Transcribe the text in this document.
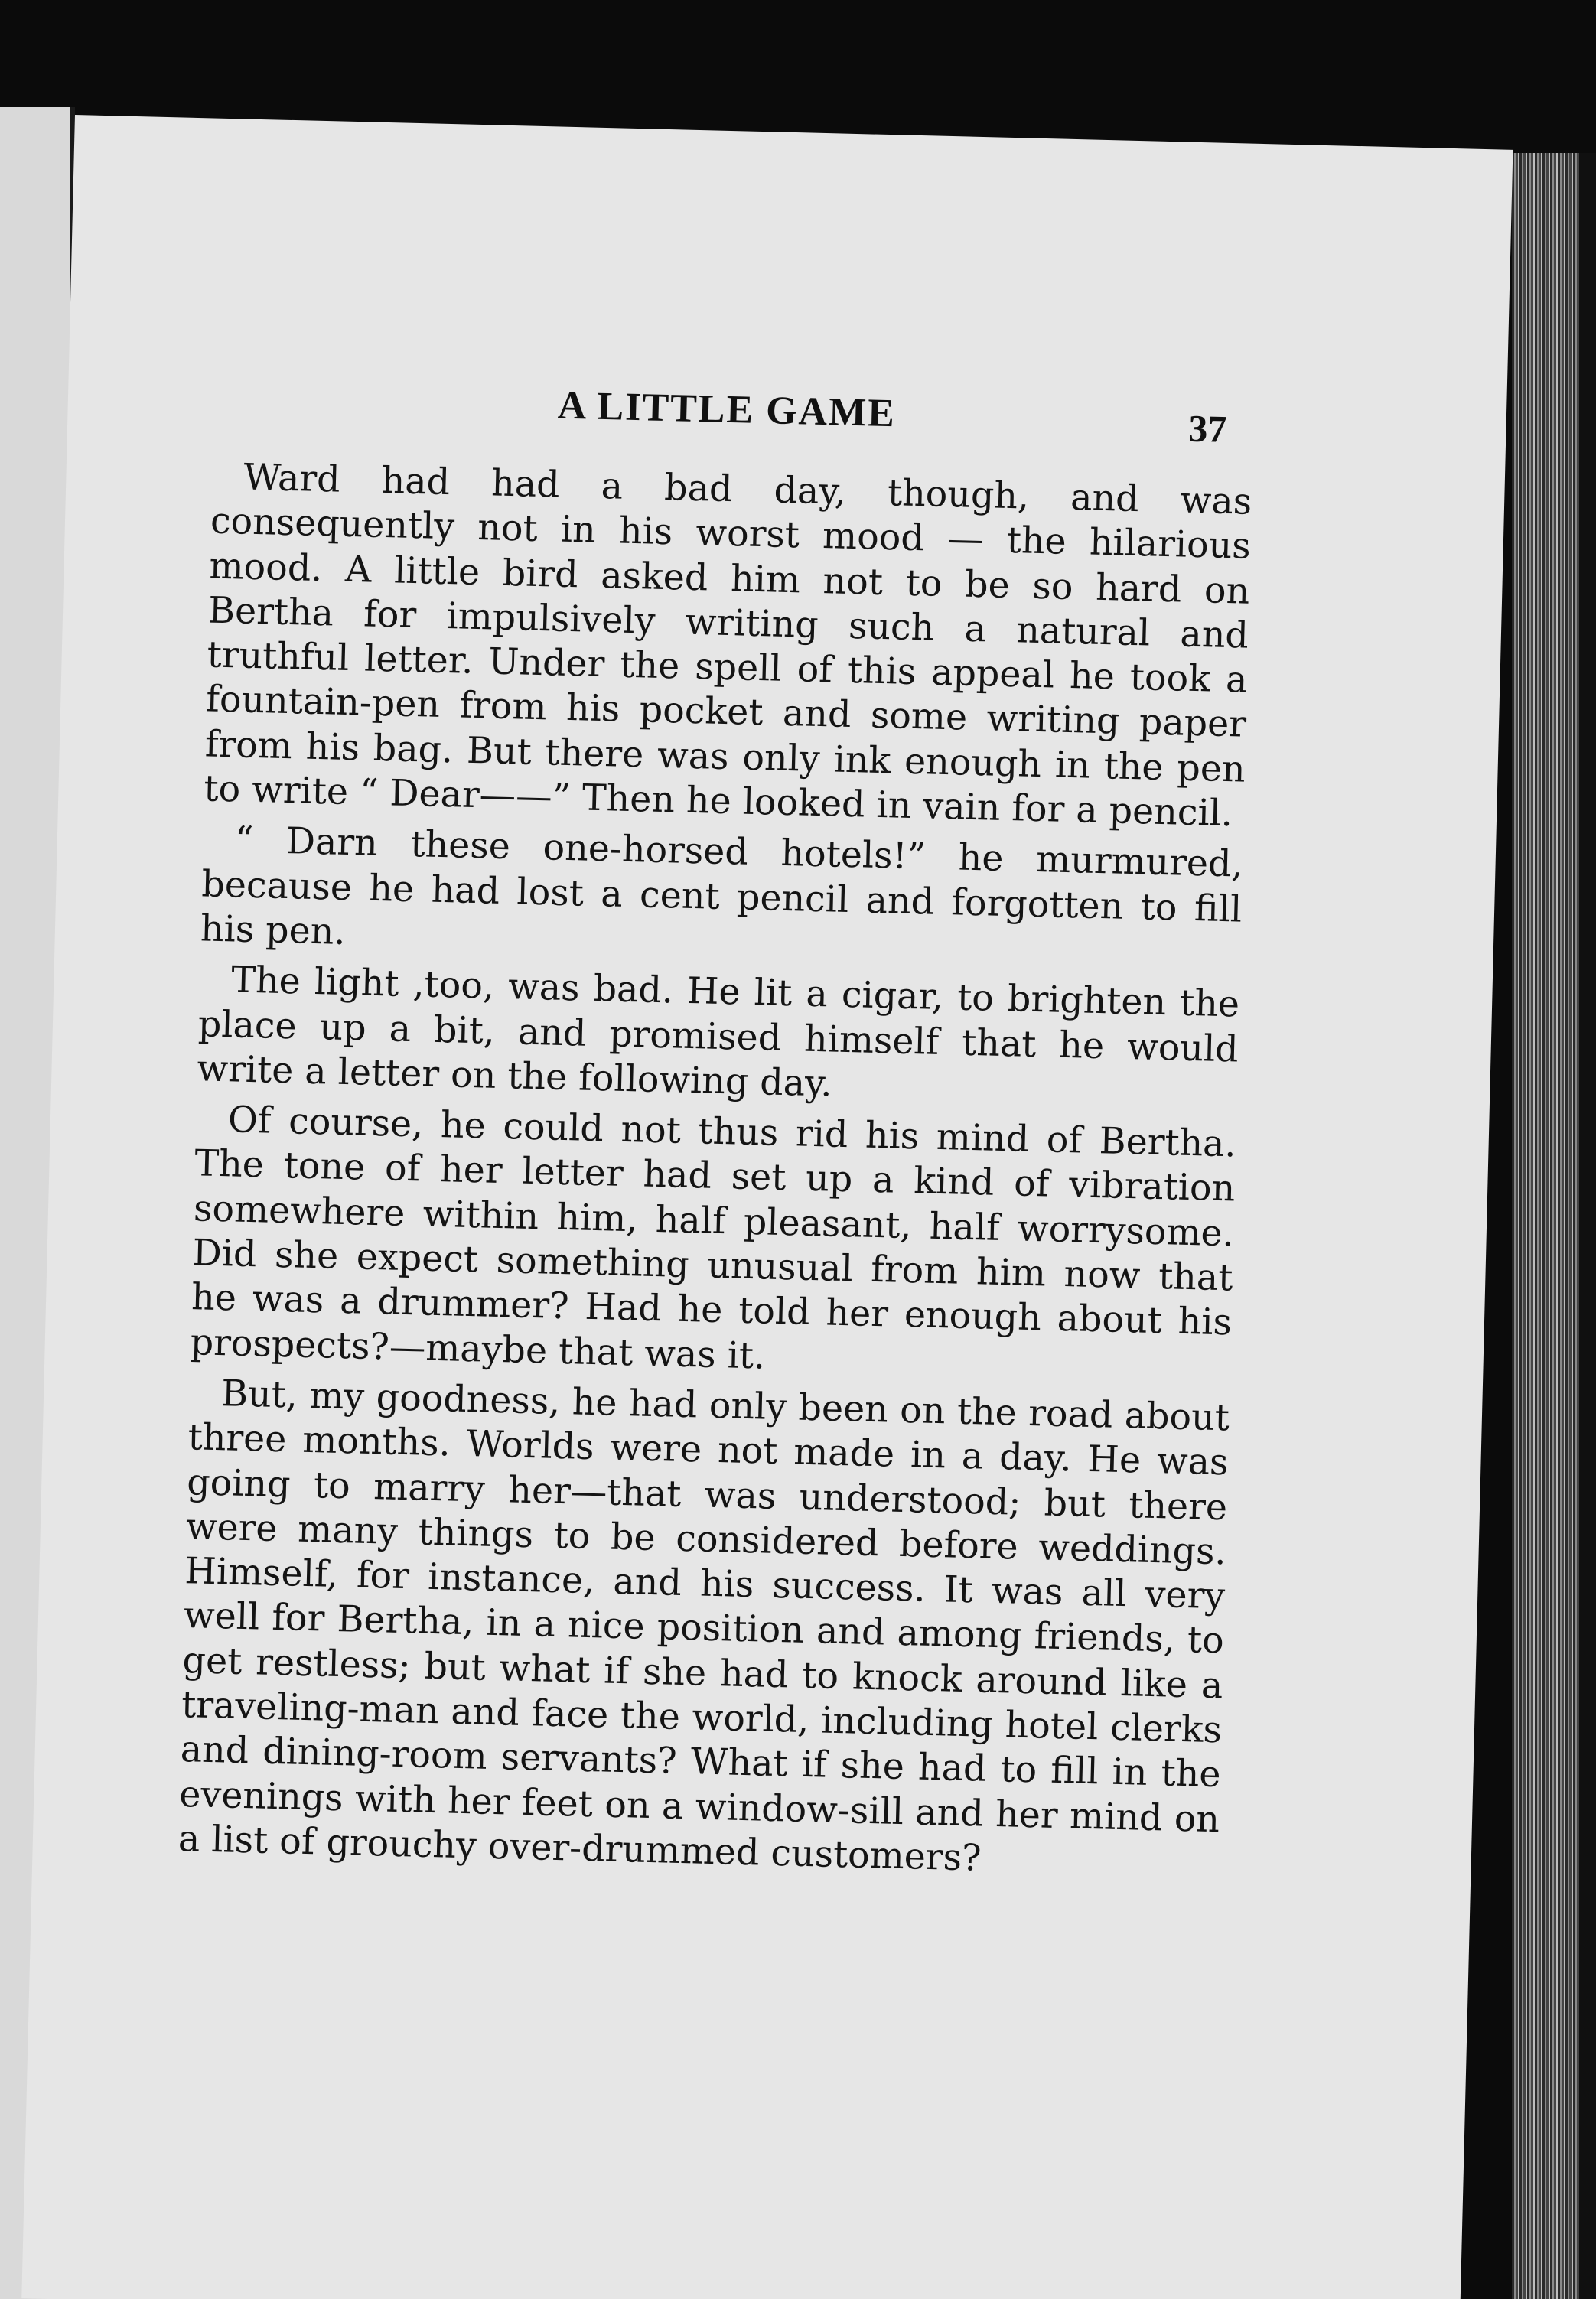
A LITTLE GAME	37

Ward had had a bad day, though, and was consequently not in his worst mood — the hilarious mood. A little bird asked him not to be so hard on Bertha for impulsively writing such a natural and truthful letter. Under the spell of this appeal he took a fountain-pen from his pocket and some writing paper from his bag. But there was only ink enough in the pen to write “ Dear——” Then he looked in vain for a pencil.

“ Darn these one-horsed hotels!” he murmured, because he had lost a cent pencil and forgotten to fill his pen.

The light ,too, was bad. He lit a cigar, to brighten the place up a bit, and promised himself that he would write a letter on the following day.

Of course, he could not thus rid his mind of Bertha. The tone of her letter had set up a kind of vibration somewhere within him, half pleasant, half worrysome. Did she expect something unusual from him now that he was a drummer? Had he told her enough about his prospects?—maybe that was it.

But, my goodness, he had only been on the road about three months. Worlds were not made in a day. He was going to marry her—that was understood; but there were many things to be considered before weddings. Himself, for instance, and his success. It was all very well for Bertha, in a nice position and among friends, to get restless; but what if she had to knock around like a traveling-man and face the world, including hotel clerks and dining-room servants? What if she had to fill in the evenings with her feet on a window-sill and her mind on a list of grouchy over-drummed customers?
